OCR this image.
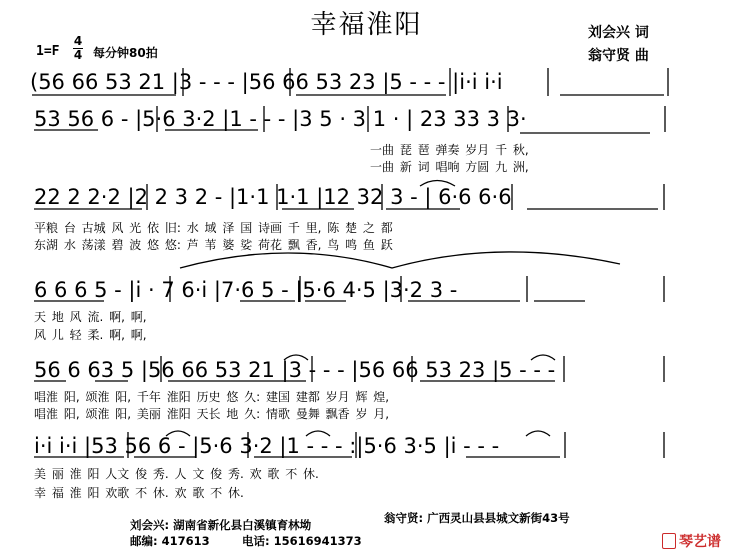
幸福淮阳	刘会兴 词
翁守贤 曲
1=F
4
4 每分钟80拍
(56 66 53 21 |3 - - - |56 66 53 23 |5 - - - |i·i i·i
53 56 6 - |5·6 3·2 |1 - - - |3 5 · 3 1 · | 23 33 3 3·
一曲 琵 琶 弹奏 岁月 千 秋,
一曲 新 词 唱响 方圆 九 洲,
22 2 2·2 |2 2 3 2 - |1·1 1·1 |12 32 3 - | 6·6 6·6
平粮 台 古城 风 光 依 旧: 水 域 泽 国 诗画 千 里, 陈 楚 之 都
东湖 水 荡漾 碧 波 悠 悠: 芦 苇 婆 娑 荷花 飘 香, 鸟 鸣 鱼 跃
6 6 6 5 - |i · 7 6·i |7·6 5 - |5·6 4·5 |3·2 3 -
天 地 风 流. 啊, 啊,
风 儿 轻 柔. 啊, 啊,
56 6 63 5 |56 66 53 21 |3 - - - |56 66 53 23 |5 - - -
唱淮 阳, 颂淮 阳, 千年 淮阳 历史 悠 久: 建国 建都 岁月 辉 煌,
唱淮 阳, 颂淮 阳, 美丽 淮阳 天长 地 久: 情歌 曼舞 飘香 岁 月,
i·i i·i |53 56 6 - |5·6 3·2 |1 - - - :|5·6 3·5 |i - - -
美 丽 淮 阳 人文 俊 秀. 人 文 俊 秀. 欢 歌 不 休.
幸 福 淮 阳 欢歌 不 休. 欢 歌 不 休.
刘会兴: 湖南省新化县白溪镇育林坳
邮编: 417613	电话: 15616941373
翁守贤: 广西灵山县县城文新街43号
琴艺谱
